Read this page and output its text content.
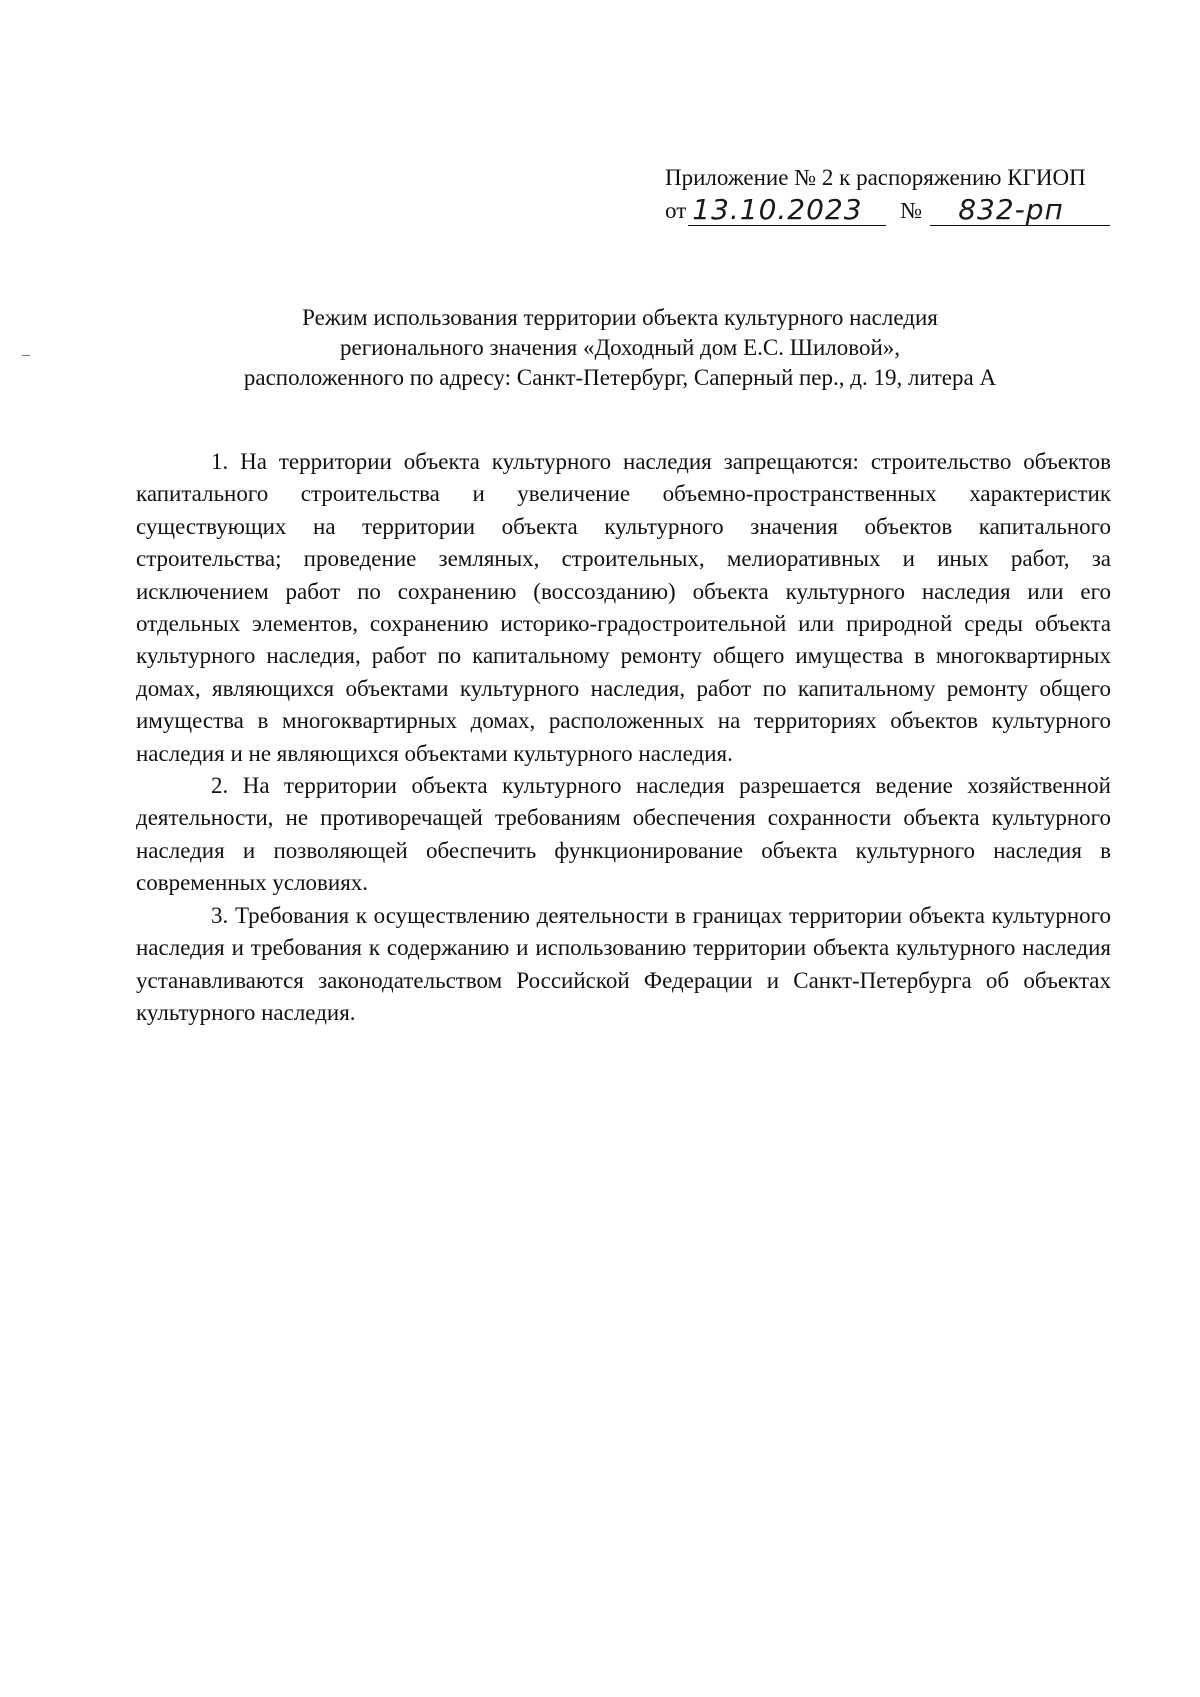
Приложение № 2 к распоряжению КГИОП
от 13.10.2023	№	832-рп
Режим использования территории объекта культурного наследия
регионального значения «Доходный дом Е.С. Шиловой»,
расположенного по адресу: Санкт-Петербург, Саперный пер., д. 19, литера А

1. На территории объекта культурного наследия запрещаются: строительство объектов капитального строительства и увеличение объемно-пространственных характеристик существующих на территории объекта культурного значения объектов капитального строительства; проведение земляных, строительных, мелиоративных и иных работ, за исключением работ по сохранению (воссозданию) объекта культурного наследия или его отдельных элементов, сохранению историко-градостроительной или природной среды объекта культурного наследия, работ по капитальному ремонту общего имущества в многоквартирных домах, являющихся объектами культурного наследия, работ по капитальному ремонту общего имущества в многоквартирных домах, расположенных на территориях объектов культурного наследия и не являющихся объектами культурного наследия.

2. На территории объекта культурного наследия разрешается ведение хозяйственной деятельности, не противоречащей требованиям обеспечения сохранности объекта культурного наследия и позволяющей обеспечить функционирование объекта культурного наследия в современных условиях.

3. Требования к осуществлению деятельности в границах территории объекта культурного наследия и требования к содержанию и использованию территории объекта культурного наследия устанавливаются законодательством Российской Федерации и Санкт-Петербурга об объектах культурного наследия.
